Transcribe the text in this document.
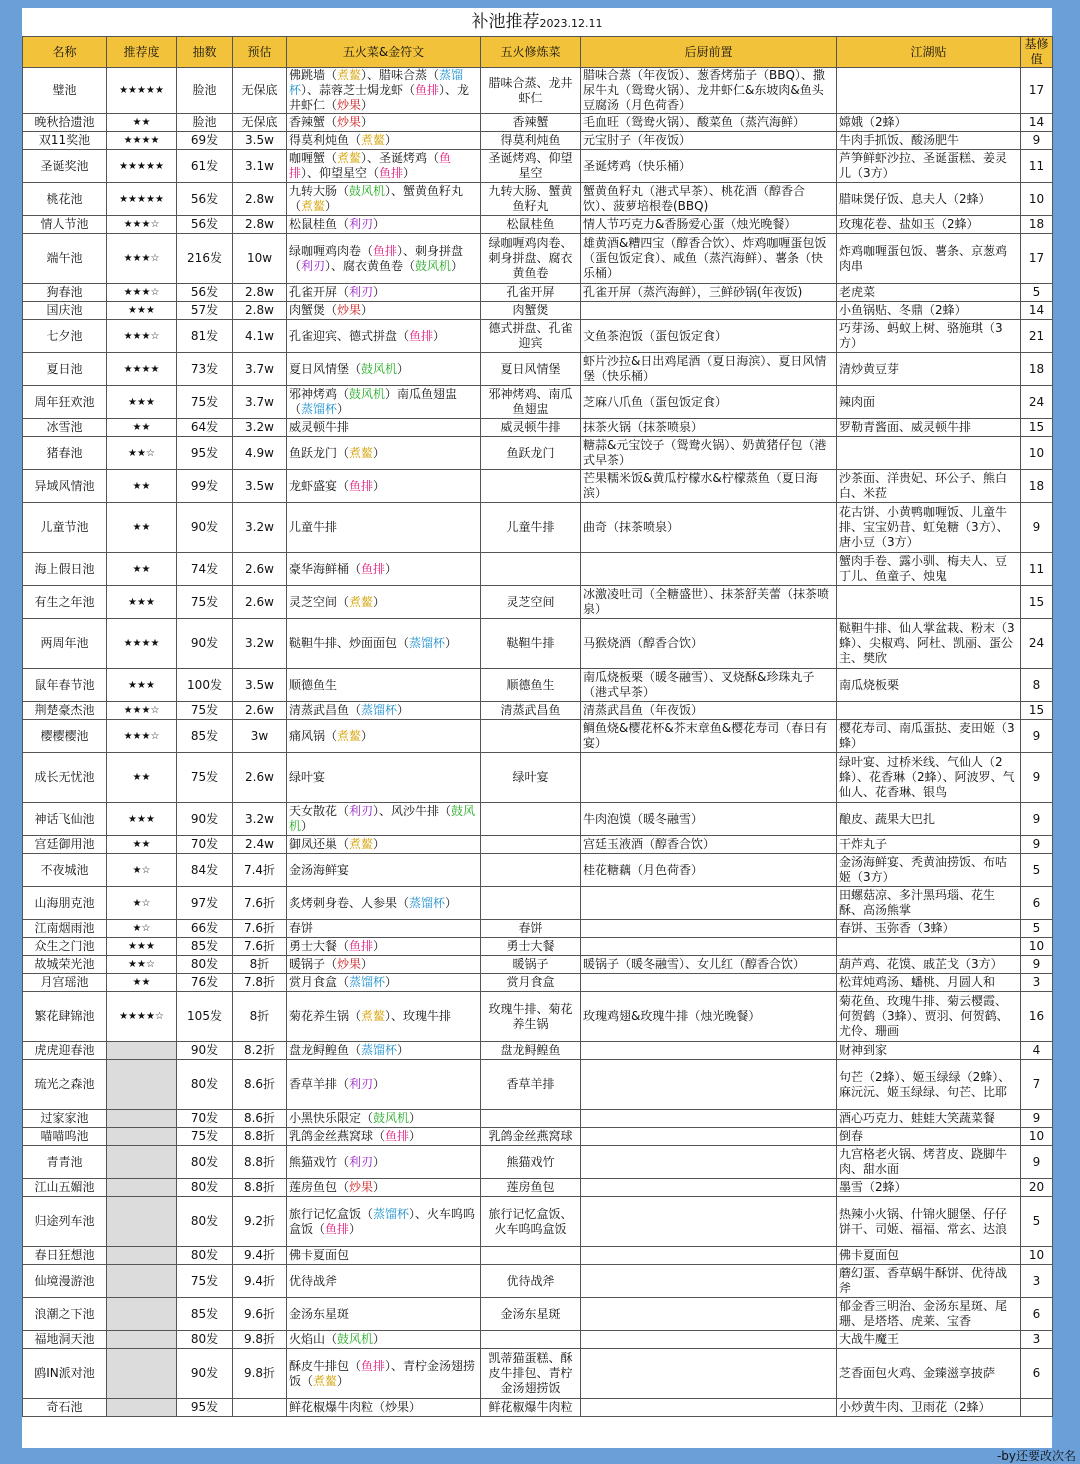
补池推荐2023.12.11
名称	推荐度	抽数	预估	五火菜&金符文	五火修炼菜	后厨前置	江湖贴	基修值
璧池	★★★★★	脸池	无保底	佛跳墙（煮鳌）、腊味合蒸（蒸馏杯）、蒜蓉芝士焗龙虾（鱼排）、龙井虾仁（炒果）	腊味合蒸、龙井虾仁	腊味合蒸（年夜饭）、葱香烤茄子（BBQ）、撒尿牛丸（鸳鸯火锅）、龙井虾仁&东坡肉&鱼头豆腐汤（月色荷香）		17
晚秋拾遗池	★★	脸池	无保底	香辣蟹（炒果）	香辣蟹	毛血旺（鸳鸯火锅）、酸菜鱼（蒸汽海鲜）	嫦娥（2蜂）	14
双11奖池	★★★★	69发	3.5w	得莫利炖鱼（煮鳌）	得莫利炖鱼	元宝肘子（年夜饭）	牛肉手抓饭、酸汤肥牛	9
圣诞奖池	★★★★★	61发	3.1w	咖喱蟹（煮鳌）、圣诞烤鸡（鱼排）、仰望星空（鱼排）	圣诞烤鸡、仰望星空	圣诞烤鸡（快乐桶）	芦笋鲜虾沙拉、圣诞蛋糕、姜灵儿（3方）	11
桃花池	★★★★★	56发	2.8w	九转大肠（鼓风机）、蟹黄鱼籽丸（煮鳌）	九转大肠、蟹黄鱼籽丸	蟹黄鱼籽丸（港式早茶）、桃花酒（醇香合饮）、菠萝培根卷(BBQ)	腊味煲仔饭、息夫人（2蜂）	10
情人节池	★★★☆	56发	2.8w	松鼠桂鱼（利刃）	松鼠桂鱼	情人节巧克力&香肠爱心蛋（烛光晚餐）	玫瑰花卷、盐如玉（2蜂）	18
端午池	★★★☆	216发	10w	绿咖喱鸡肉卷（鱼排）、刺身拼盘（利刃）、腐衣黄鱼卷（鼓风机）	绿咖喱鸡肉卷、刺身拼盘、腐衣黄鱼卷	雄黄酒&糟四宝（醇香合饮）、炸鸡咖喱蛋包饭（蛋包饭定食）、咸鱼（蒸汽海鲜）、薯条（快乐桶）	炸鸡咖喱蛋包饭、薯条、京葱鸡肉串	17
狗春池	★★★☆	56发	2.8w	孔雀开屏（利刃）	孔雀开屏	孔雀开屏（蒸汽海鲜），三鲜砂锅(年夜饭)	老虎菜	5
国庆池	★★★	57发	2.8w	肉蟹煲（炒果）	肉蟹煲		小鱼锅贴、冬鼎（2蜂）	14
七夕池	★★★☆	81发	4.1w	孔雀迎宾、德式拼盘（鱼排）	德式拼盘、孔雀迎宾	文鱼茶泡饭（蛋包饭定食）	巧芽汤、蚂蚁上树、骆施琪（3方）	21
夏日池	★★★★	73发	3.7w	夏日风情堡（鼓风机）	夏日风情堡	虾片沙拉&日出鸡尾酒（夏日海滨）、夏日风情堡（快乐桶）	清炒黄豆芽	18
周年狂欢池	★★★	75发	3.7w	邪神烤鸡（鼓风机）南瓜鱼翅盅（蒸馏杯）	邪神烤鸡、南瓜鱼翅盅	芝麻八爪鱼（蛋包饭定食）	辣肉面	24
冰雪池	★★	64发	3.2w	威灵顿牛排	威灵顿牛排	抹茶火锅（抹茶喷泉）	罗勒青酱面、威灵顿牛排	15
猪春池	★★☆	95发	4.9w	鱼跃龙门（煮鳌）	鱼跃龙门	糖蒜&元宝饺子（鸳鸯火锅）、奶黄猪仔包（港式早茶）		10
异域风情池	★★	99发	3.5w	龙虾盛宴（鱼排）		芒果糯米饭&黄瓜柠檬水&柠檬蒸鱼（夏日海滨）	沙茶面、洋贵妃、环公子、熊白白、米菈	18
儿童节池	★★	90发	3.2w	儿童牛排	儿童牛排	曲奇（抹茶喷泉）	花古饼、小黄鸭咖喱饭、儿童牛排、宝宝奶昔、虹兔糖（3方）、唐小豆（3方）	9
海上假日池	★★	74发	2.6w	豪华海鲜桶（鱼排）			蟹肉手卷、露小驯、梅夫人、豆丁儿、鱼童子、烛鬼	11
有生之年池	★★★	75发	2.6w	灵芝空间（煮鳌）	灵芝空间	冰激凌吐司（全糖盛世）、抹茶舒芙蕾（抹茶喷泉）		15
两周年池	★★★★	90发	3.2w	鞑靼牛排、炒面面包（蒸馏杯）	鞑靼牛排	马猴烧酒（醇香合饮）	鞑靼牛排、仙人掌盆栽、粉末（3蜂）、尖椒鸡、阿杜、凯丽、蛋公主、樊欣	24
鼠年春节池	★★★	100发	3.5w	顺德鱼生	顺德鱼生	南瓜烧板栗（暖冬融雪）、叉烧酥&珍珠丸子（港式早茶）	南瓜烧板栗	8
荆楚豪杰池	★★★☆	75发	2.6w	清蒸武昌鱼（蒸馏杯）	清蒸武昌鱼	清蒸武昌鱼（年夜饭）		15
樱樱樱池	★★★☆	85发	3w	痛风锅（煮鳌）		鲷鱼烧&樱花杯&芥末章鱼&樱花寿司（春日有宴）	樱花寿司、南瓜蛋挞、麦田姬（3蜂）	9
成长无忧池	★★	75发	2.6w	绿叶宴	绿叶宴		绿叶宴、过桥米线、气仙人（2蜂）、花香琳（2蜂）、阿波罗、气仙人、花香琳、银鸟	9
神话飞仙池	★★★	90发	3.2w	天女散花（利刃）、风沙牛排（鼓风机）		牛肉泡馍（暖冬融雪）	酿皮、蔬果大巴扎	9
宫廷御用池	★★	70发	2.4w	御凤还巢（煮鳌）		宫廷玉液酒（醇香合饮）	干炸丸子	9
不夜城池	★☆	84发	7.4折	金汤海鲜宴		桂花糖藕（月色荷香）	金汤海鲜宴、秃黄油捞饭、布咕姬（3方）	5
山海朋克池	★☆	97发	7.6折	炙烤刺身卷、人参果（蒸馏杯）			田螺菇凉、多汁黑玛瑙、花生酥、高汤熊掌	6
江南烟雨池	★☆	66发	7.6折	春饼	春饼		春饼、玉弥香（3蜂）	5
众生之门池	★★★	85发	7.6折	勇士大餐（鱼排）	勇士大餐			10
故城荣光池	★★☆	80发	8折	暖锅子（炒果）	暖锅子	暖锅子（暖冬融雪）、女儿红（醇香合饮）	葫芦鸡、花馍、戚芷戈（3方）	9
月宫瑶池	★★	76发	7.8折	赏月食盒（蒸馏杯）	赏月食盒		松茸炖鸡汤、蟠桃、月圆人和	3
繁花肆锦池	★★★★☆	105发	8折	菊花养生锅（煮鳌）、玫瑰牛排	玫瑰牛排、菊花养生锅	玫瑰鸡翅&玫瑰牛排（烛光晚餐）	菊花鱼、玫瑰牛排、菊云樱霞、何贺鹤（3蜂）、贾羽、何贺鹤、尤伶、珊画	16
虎虎迎春池		90发	8.2折	盘龙鲟鳇鱼（蒸馏杯）	盘龙鲟鳇鱼		财神到家	4
琉光之森池		80发	8.6折	香草羊排（利刃）	香草羊排		句芒（2蜂）、姬玉绿绿（2蜂）、麻沅沅、姬玉绿绿、句芒、比耶	7
过家家池		70发	8.6折	小黑快乐限定（鼓风机）			酒心巧克力、蛙蛙大笑蔬菜餐	9
喵喵呜池		75发	8.8折	乳鸽金丝燕窝球（鱼排）	乳鸽金丝燕窝球		倒春	10
青青池		80发	8.8折	熊猫戏竹（利刃）	熊猫戏竹		九宫格老火锅、烤苕皮、跷脚牛肉、甜水面	9
江山五媚池		80发	8.8折	莲房鱼包（炒果）	莲房鱼包		墨雪（2蜂）	20
归途列车池		80发	9.2折	旅行记忆盒饭（蒸馏杯）、火车呜呜盒饭（鱼排）	旅行记忆盒饭、火车呜呜盒饭		热辣小火锅、什锦火腿堡、仔仔饼干、司姬、福福、常玄、达浪	5
春日狂想池		80发	9.4折	佛卡夏面包			佛卡夏面包	10
仙境漫游池		75发	9.4折	优待战斧	优待战斧		蘑幻蛋、香草蜗牛酥饼、优待战斧	3
浪潮之下池		85发	9.6折	金汤东星斑	金汤东星斑		郁金香三明治、金汤东星斑、尾珊、是塔塔、虎莱、宝香	6
福地洞天池		80发	9.8折	火焰山（鼓风机）			大战牛魔王	3
鸥IN派对池		90发	9.8折	酥皮牛排包（鱼排）、青柠金汤翅捞饭（煮鳌）	凯蒂猫蛋糕、酥皮牛排包、青柠金汤翅捞饭		芝香面包火鸡、金臻滋享披萨	6
奇石池		95发		鲜花椒爆牛肉粒（炒果）	鲜花椒爆牛肉粒		小炒黄牛肉、卫雨花（2蜂）	
-by还要改次名
